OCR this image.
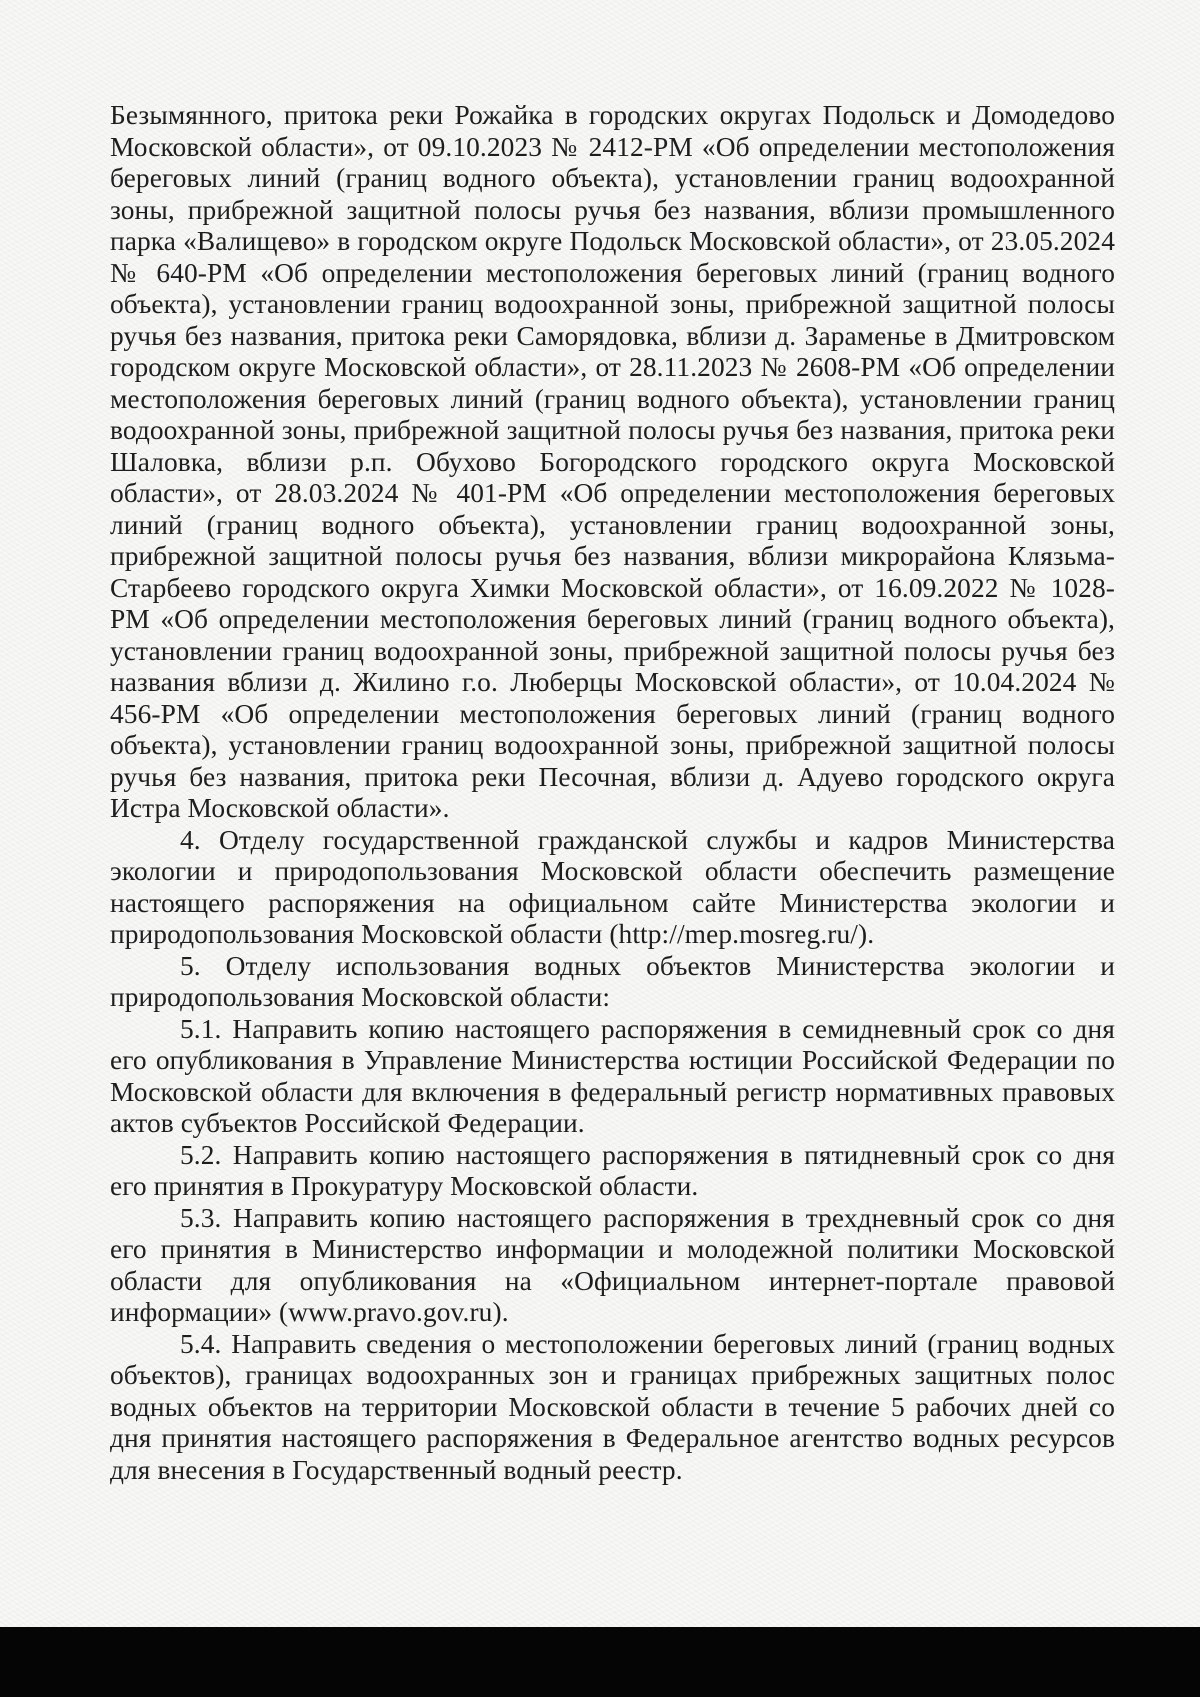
Безымянного, притока реки Рожайка в городских округах Подольск и Домодедово Московской области», от 09.10.2023 № 2412-РМ «Об определении местоположения береговых линий (границ водного объекта), установлении границ водоохранной зоны, прибрежной защитной полосы ручья без названия, вблизи промышленного парка «Валищево» в городском округе Подольск Московской области», от 23.05.2024 № 640-РМ «Об определении местоположения береговых линий (границ водного объекта), установлении границ водоохранной зоны, прибрежной защитной полосы ручья без названия, притока реки Саморядовка, вблизи д. Зараменье в Дмитровском городском округе Московской области», от 28.11.2023 № 2608-РМ «Об определении местоположения береговых линий (границ водного объекта), установлении границ водоохранной зоны, прибрежной защитной полосы ручья без названия, притока реки Шаловка, вблизи р.п. Обухово Богородского городского округа Московской области», от 28.03.2024 № 401-РМ «Об определении местоположения береговых линий (границ водного объекта), установлении границ водоохранной зоны, прибрежной защитной полосы ручья без названия, вблизи микрорайона Клязьма-Старбеево городского округа Химки Московской области», от 16.09.2022 № 1028-РМ «Об определении местоположения береговых линий (границ водного объекта), установлении границ водоохранной зоны, прибрежной защитной полосы ручья без названия вблизи д. Жилино г.о. Люберцы Московской области», от 10.04.2024 № 456-РМ «Об определении местоположения береговых линий (границ водного объекта), установлении границ водоохранной зоны, прибрежной защитной полосы ручья без названия, притока реки Песочная, вблизи д. Адуево городского округа Истра Московской области».

4. Отделу государственной гражданской службы и кадров Министерства экологии и природопользования Московской области обеспечить размещение настоящего распоряжения на официальном сайте Министерства экологии и природопользования Московской области (http://mep.mosreg.ru/).

5. Отделу использования водных объектов Министерства экологии и природопользования Московской области:

5.1. Направить копию настоящего распоряжения в семидневный срок со дня его опубликования в Управление Министерства юстиции Российской Федерации по Московской области для включения в федеральный регистр нормативных правовых актов субъектов Российской Федерации.

5.2. Направить копию настоящего распоряжения в пятидневный срок со дня его принятия в Прокуратуру Московской области.

5.3. Направить копию настоящего распоряжения в трехдневный срок со дня его принятия в Министерство информации и молодежной политики Московской области для опубликования на «Официальном интернет-портале правовой информации» (www.pravo.gov.ru).

5.4. Направить сведения о местоположении береговых линий (границ водных объектов), границах водоохранных зон и границах прибрежных защитных полос водных объектов на территории Московской области в течение 5 рабочих дней со дня принятия настоящего распоряжения в Федеральное агентство водных ресурсов для внесения в Государственный водный реестр.
